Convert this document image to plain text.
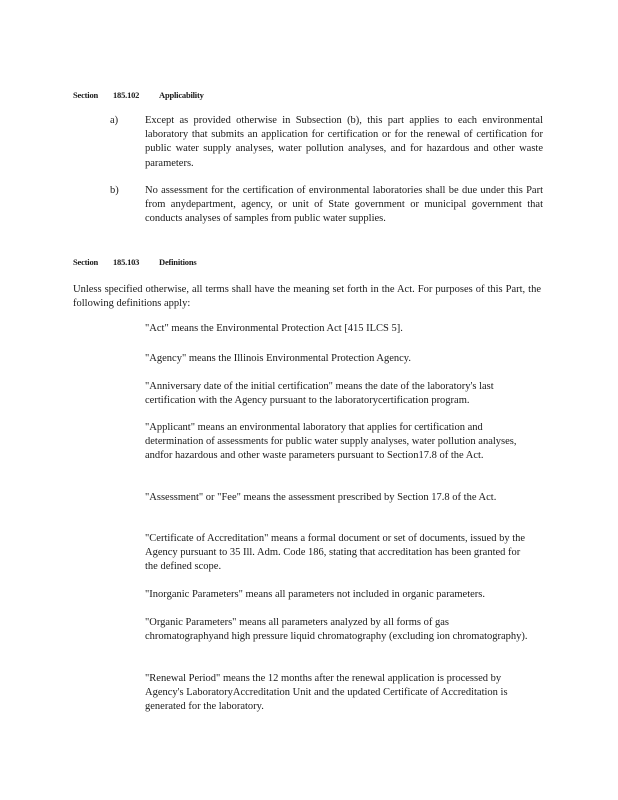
Section 185.102 Applicability
a)	Except as provided otherwise in Subsection (b), this part applies to each environmental laboratory that submits an application for certification or for the renewal of certification for public water supply analyses, water pollution analyses, and for hazardous and other waste parameters.
b)	No assessment for the certification of environmental laboratories shall be due under this Part from anydepartment, agency, or unit of State government or municipal government that conducts analyses of samples from public water supplies.
Section 185.103 Definitions
Unless specified otherwise, all terms shall have the meaning set forth in the Act. For purposes of this Part, the following definitions apply:
"Act" means the Environmental Protection Act [415 ILCS 5].
"Agency" means the Illinois Environmental Protection Agency.
"Anniversary date of the initial certification" means the date of the laboratory's last certification with the Agency pursuant to the laboratorycertification program.
"Applicant" means an environmental laboratory that applies for certification and determination of assessments for public water supply analyses, water pollution analyses, andfor hazardous and other waste parameters pursuant to Section17.8 of the Act.
"Assessment" or "Fee" means the assessment prescribed by Section 17.8 of the Act.
"Certificate of Accreditation" means a formal document or set of documents, issued by the Agency pursuant to 35 Ill. Adm. Code 186, stating that accreditation has been granted for the defined scope.
"Inorganic Parameters" means all parameters not included in organic parameters.
"Organic Parameters" means all parameters analyzed by all forms of gas chromatographyand high pressure liquid chromatography (excluding ion chromatography).
"Renewal Period" means the 12 months after the renewal application is processed by Agency's LaboratoryAccreditation Unit and the updated Certificate of Accreditation is generated for the laboratory.
